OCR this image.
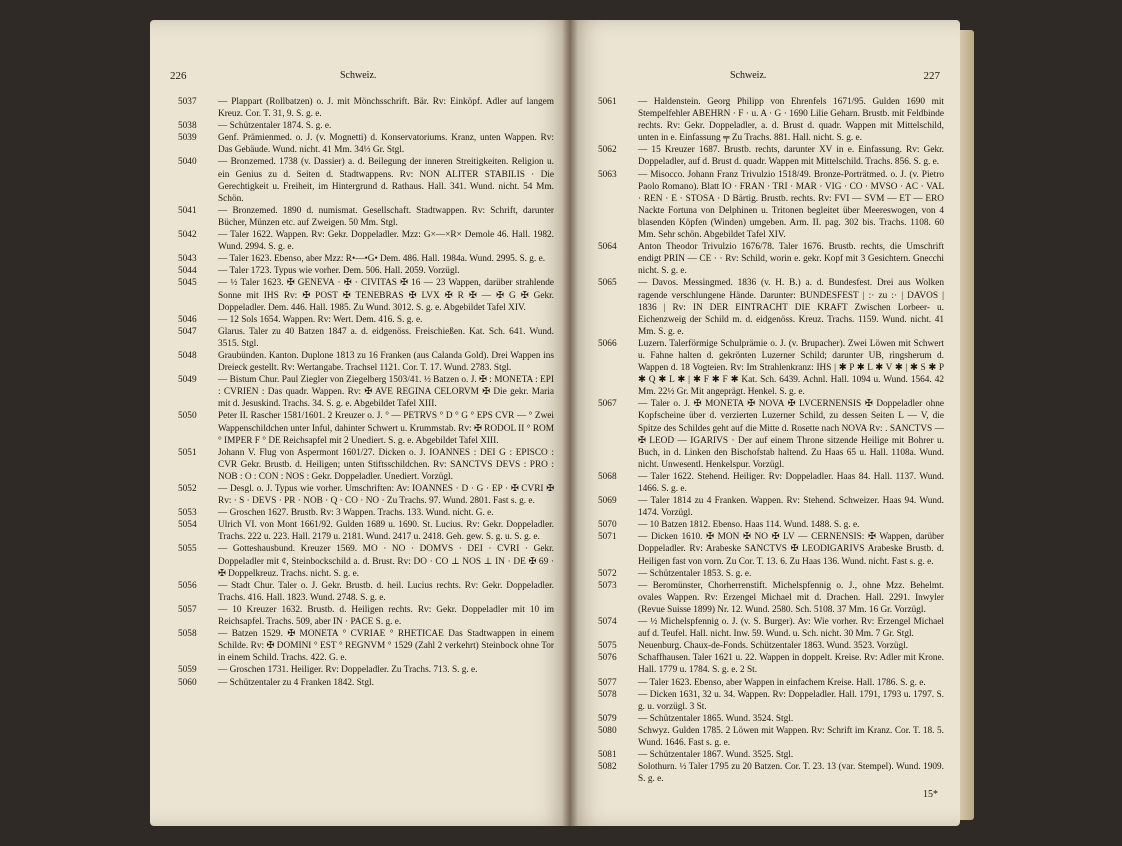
226	Schweiz.

5037	— Plappart (Rollbatzen) o. J. mit Mönchsschrift. Bär. Rv: Einköpf. Adler auf langem Kreuz. Cor. T. 31, 9. S. g. e.

5038	— Schützentaler 1874. S. g. e.

5039	Genf. Prämienmed. o. J. (v. Mognetti) d. Konservatoriums. Kranz, unten Wappen. Rv: Das Gebäude. Wund. nicht. 41 Mm. 34⅓ Gr. Stgl.

5040	— Bronzemed. 1738 (v. Dassier) a. d. Beilegung der inneren Streitigkeiten. Religion u. ein Genius zu d. Seiten d. Stadtwappens. Rv: NON ALITER STABILIS · Die Gerechtigkeit u. Freiheit, im Hintergrund d. Rathaus. Hall. 341. Wund. nicht. 54 Mm. Schön.

5041	— Bronzemed. 1890 d. numismat. Gesellschaft. Stadtwappen. Rv: Schrift, darunter Bücher, Münzen etc. auf Zweigen. 50 Mm. Stgl.

5042	— Taler 1622. Wappen. Rv: Gekr. Doppeladler. Mzz: G×—×R× Demole 46. Hall. 1982. Wund. 2994. S. g. e.

5043	— Taler 1623. Ebenso, aber Mzz: R•—•G• Dem. 486. Hall. 1984a. Wund. 2995. S. g. e.

5044	— Taler 1723. Typus wie vorher. Dem. 506. Hall. 2059. Vorzügl.

5045	— ½ Taler 1623. ✠ GENEVA · ✠ · CIVITAS ✠ 16 — 23 Wappen, darüber strahlende Sonne mit IHS Rv: ✠ POST ✠ TENEBRAS ✠ LVX ✠ R ✠ — ✠ G ✠ Gekr. Doppeladler. Dem. 446. Hall. 1985. Zu Wund. 3012. S. g. e. Abgebildet Tafel XIV.

5046	— 12 Sols 1654. Wappen. Rv: Wert. Dem. 416. S. g. e.

5047	Glarus. Taler zu 40 Batzen 1847 a. d. eidgenöss. Freischießen. Kat. Sch. 641. Wund. 3515. Stgl.

5048	Graubünden. Kanton. Duplone 1813 zu 16 Franken (aus Calanda Gold). Drei Wappen ins Dreieck gestellt. Rv: Wertangabe. Trachsel 1121. Cor. T. 17. Wund. 2783. Stgl.

5049	— Bistum Chur. Paul Ziegler von Ziegelberg 1503/41. ½ Batzen o. J. ✠ : MONETA : EPI : CVRIEN : Das quadr. Wappen. Rv: ✠ AVE REGINA CELORVM ✠ Die gekr. Maria mit d. Jesuskind. Trachs. 34. S. g. e. Abgebildet Tafel XIII.

5050	Peter II. Rascher 1581/1601. 2 Kreuzer o. J. ° — PETRVS ° D ° G ° EPS CVR — ° Zwei Wappenschildchen unter Inful, dahinter Schwert u. Krummstab. Rv: ✠ RODOL II ° ROM ° IMPER F ° DE Reichsapfel mit 2 Unediert. S. g. e. Abgebildet Tafel XIII.

5051	Johann V. Flug von Aspermont 1601/27. Dicken o. J. IOANNES : DEI G : EPISCO : CVR Gekr. Brustb. d. Heiligen; unten Stiftsschildchen. Rv: SANCTVS DEVS : PRO : NOB : O : CON : NOS : Gekr. Doppeladler. Unediert. Vorzügl.

5052	— Desgl. o. J. Typus wie vorher. Umschriften: Av: IOANNES · D · G · EP · ✠ CVRI ✠ Rv: · S · DEVS · PR · NOB · Q · CO · NO · Zu Trachs. 97. Wund. 2801. Fast s. g. e.

5053	— Groschen 1627. Brustb. Rv: 3 Wappen. Trachs. 133. Wund. nicht. G. e.

5054	Ulrich VI. von Mont 1661/92. Gulden 1689 u. 1690. St. Lucius. Rv: Gekr. Doppeladler. Trachs. 222 u. 223. Hall. 2179 u. 2181. Wund. 2417 u. 2418. Geh. gew. S. g. u. S. g. e.

5055	— Gotteshausbund. Kreuzer 1569. MO · NO · DOMVS · DEI · CVRI · Gekr. Doppeladler mit ¢, Steinbockschild a. d. Brust. Rv: DO · CO ⊥ NOS ⊥ IN · DE ✠ 69 · ✠ Doppelkreuz. Trachs. nicht. S. g. e.

5056	— Stadt Chur. Taler o. J. Gekr. Brustb. d. heil. Lucius rechts. Rv: Gekr. Doppeladler. Trachs. 416. Hall. 1823. Wund. 2748. S. g. e.

5057	— 10 Kreuzer 1632. Brustb. d. Heiligen rechts. Rv: Gekr. Doppeladler mit 10 im Reichsapfel. Trachs. 509, aber IN · PACE S. g. e.

5058	— Batzen 1529. ✠ MONETA ° CVRIAE ° RHETICAE Das Stadtwappen in einem Schilde. Rv: ✠ DOMINI ° EST ° REGNVM ° 1529 (Zahl 2 verkehrt) Steinbock ohne Tor in einem Schild. Trachs. 422. G. e.

5059	— Groschen 1731. Heiliger. Rv: Doppeladler. Zu Trachs. 713. S. g. e.

5060	— Schützentaler zu 4 Franken 1842. Stgl.

Schweiz.	227

5061	— Haldenstein. Georg Philipp von Ehrenfels 1671/95. Gulden 1690 mit Stempelfehler ABEHRN · F · u. A · G · 1690 Lilie Geharn. Brustb. mit Feldbinde rechts. Rv: Gekr. Doppeladler, a. d. Brust d. quadr. Wappen mit Mittelschild, unten in e. Einfassung ╤ Zu Trachs. 881. Hall. nicht. S. g. e.

5062	— 15 Kreuzer 1687. Brustb. rechts, darunter XV in e. Einfassung. Rv: Gekr. Doppeladler, auf d. Brust d. quadr. Wappen mit Mittelschild. Trachs. 856. S. g. e.

5063	— Misocco. Johann Franz Trivulzio 1518/49. Bronze-Porträtmed. o. J. (v. Pietro Paolo Romano). Blatt IO · FRAN · TRI · MAR · VIG · CO · MVSO · AC · VAL · REN · E · STOSA · D Bärtig. Brustb. rechts. Rv: FVI — SVM — ET — ERO Nackte Fortuna von Delphinen u. Tritonen begleitet über Meereswogen, von 4 blasenden Köpfen (Winden) umgeben. Arm. II. pag. 302 bis. Trachs. 1108. 60 Mm. Sehr schön. Abgebildet Tafel XIV.

5064	Anton Theodor Trivulzio 1676/78. Taler 1676. Brustb. rechts, die Umschrift endigt PRIN — CE · · Rv: Schild, worin e. gekr. Kopf mit 3 Gesichtern. Gnecchi nicht. S. g. e.

5065	— Davos. Messingmed. 1836 (v. H. B.) a. d. Bundesfest. Drei aus Wolken ragende verschlungene Hände. Darunter: BUNDESFEST | :· zu :· | DAVOS | 1836 | Rv: IN DER EINTRACHT DIE KRAFT Zwischen Lorbeer- u. Eichenzweig der Schild m. d. eidgenöss. Kreuz. Trachs. 1159. Wund. nicht. 41 Mm. S. g. e.

5066	Luzern. Talerförmige Schulprämie o. J. (v. Brupacher). Zwei Löwen mit Schwert u. Fahne halten d. gekrönten Luzerner Schild; darunter UB, ringsherum d. Wappen d. 18 Vogteien. Rv: Im Strahlenkranz: IHS | ✱ P ✱ L ✱ V ✱ | ✱ S ✱ P ✱ Q ✱ L ✱ | ✱ F ✱ F ✱ Kat. Sch. 6439. Achnl. Hall. 1094 u. Wund. 1564. 42 Mm. 22½ Gr. Mit angeprägt. Henkel. S. g. e.

5067	— Taler o. J. ✠ MONETA ✠ NOVA ✠ LVCERNENSIS ✠ Doppeladler ohne Kopfscheine über d. verzierten Luzerner Schild, zu dessen Seiten L — V, die Spitze des Schildes geht auf die Mitte d. Rosette nach NOVA Rv: . SANCTVS — ✠ LEOD — IGARIVS · Der auf einem Throne sitzende Heilige mit Bohrer u. Buch, in d. Linken den Bischofstab haltend. Zu Haas 65 u. Hall. 1108a. Wund. nicht. Unwesentl. Henkelspur. Vorzügl.

5068	— Taler 1622. Stehend. Heiliger. Rv: Doppeladler. Haas 84. Hall. 1137. Wund. 1466. S. g. e.

5069	— Taler 1814 zu 4 Franken. Wappen. Rv: Stehend. Schweizer. Haas 94. Wund. 1474. Vorzügl.

5070	— 10 Batzen 1812. Ebenso. Haas 114. Wund. 1488. S. g. e.

5071	— Dicken 1610. ✠ MON ✠ NO ✠ LV — CERNENSIS: ✠ Wappen, darüber Doppeladler. Rv: Arabeske SANCTVS ✠ LEODIGARIVS Arabeske Brustb. d. Heiligen fast von vorn. Zu Cor. T. 13. 6. Zu Haas 136. Wund. nicht. Fast s. g. e.

5072	— Schützentaler 1853. S. g. e.

5073	— Beromünster, Chorherrenstift. Michelspfennig o. J., ohne Mzz. Behelmt. ovales Wappen. Rv: Erzengel Michael mit d. Drachen. Hall. 2291. Inwyler (Revue Suisse 1899) Nr. 12. Wund. 2580. Sch. 5108. 37 Mm. 16 Gr. Vorzügl.

5074	— ½ Michelspfennig o. J. (v. S. Burger). Av: Wie vorher. Rv: Erzengel Michael auf d. Teufel. Hall. nicht. Inw. 59. Wund. u. Sch. nicht. 30 Mm. 7 Gr. Stgl.

5075	Neuenburg. Chaux-de-Fonds. Schützentaler 1863. Wund. 3523. Vorzügl.

5076	Schaffhausen. Taler 1621 u. 22. Wappen in doppelt. Kreise. Rv: Adler mit Krone. Hall. 1779 u. 1784. S. g. e. 2 St.

5077	— Taler 1623. Ebenso, aber Wappen in einfachem Kreise. Hall. 1786. S. g. e.

5078	— Dicken 1631, 32 u. 34. Wappen. Rv: Doppeladler. Hall. 1791, 1793 u. 1797. S. g. u. vorzügl. 3 St.

5079	— Schützentaler 1865. Wund. 3524. Stgl.

5080	Schwyz. Gulden 1785. 2 Löwen mit Wappen. Rv: Schrift im Kranz. Cor. T. 18. 5. Wund. 1646. Fast s. g. e.

5081	— Schützentaler 1867. Wund. 3525. Stgl.

5082	Solothurn. ½ Taler 1795 zu 20 Batzen. Cor. T. 23. 13 (var. Stempel). Wund. 1909. S. g. e.

15*
